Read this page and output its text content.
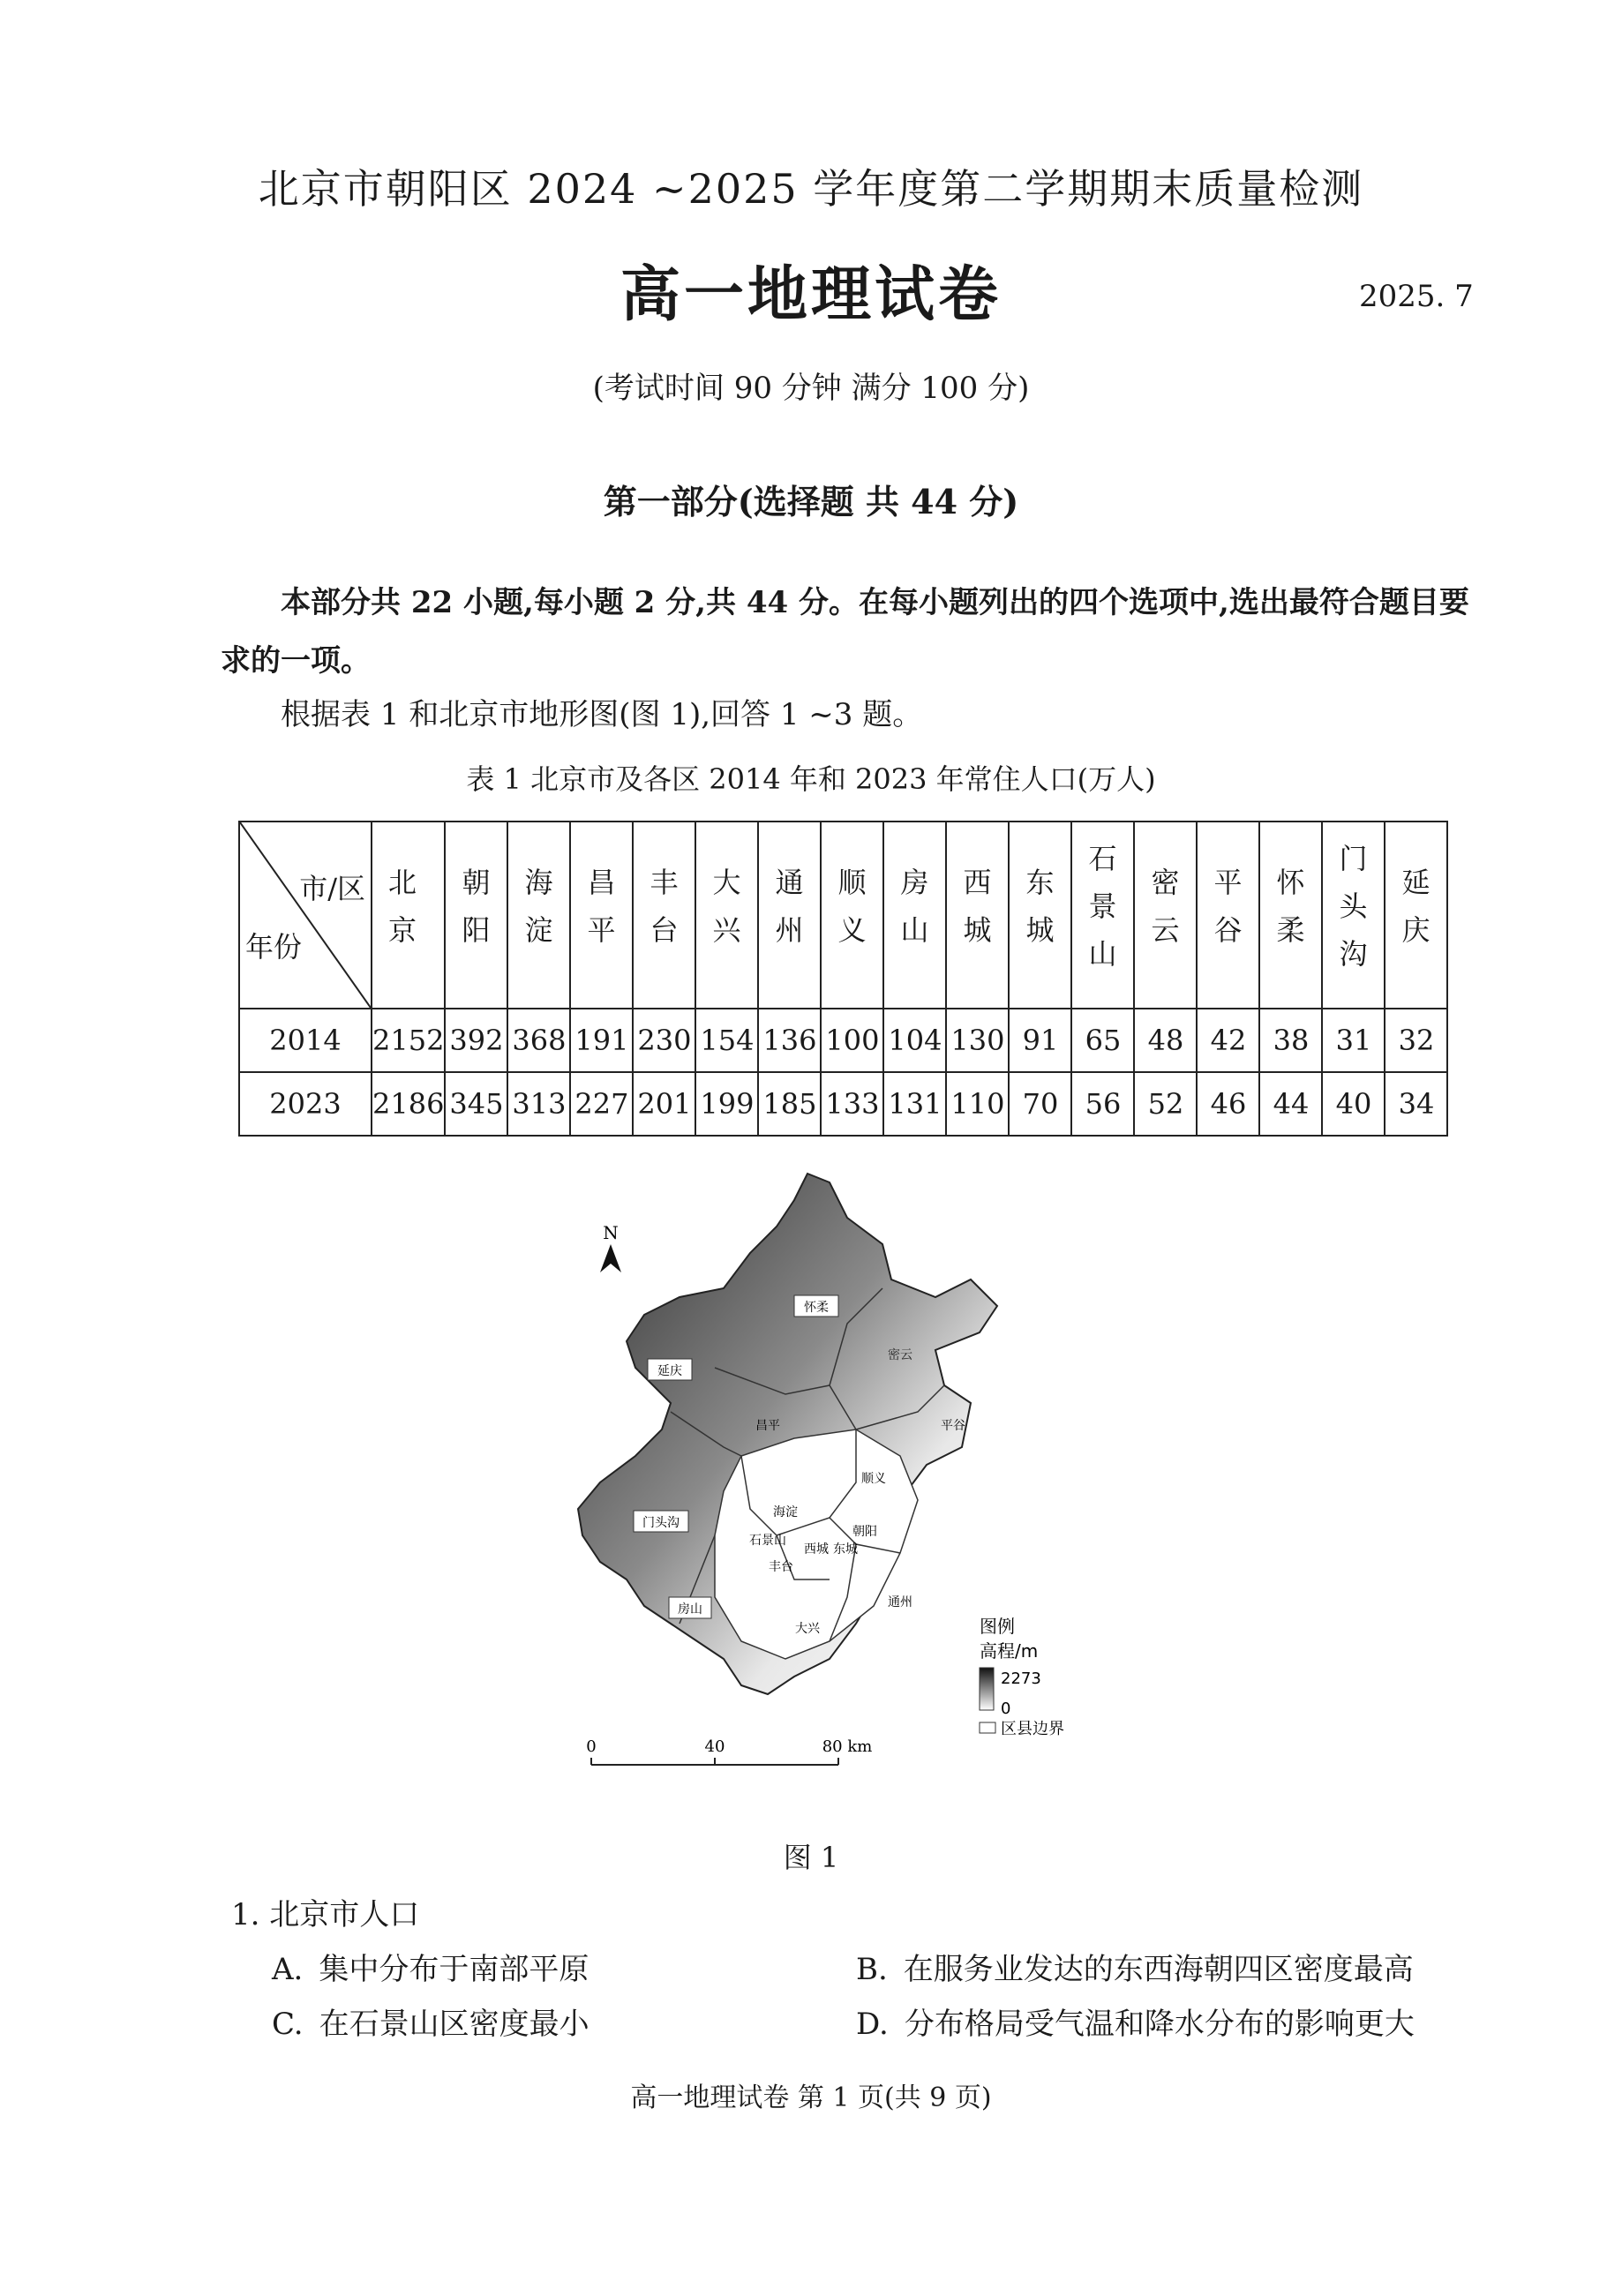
北京市朝阳区 2024 ~2025 学年度第二学期期末质量检测
高一地理试卷	2025. 7
(考试时间 90 分钟 满分 100 分)
第一部分(选择题 共 44 分)
本部分共 22 小题,每小题 2 分,共 44 分。在每小题列出的四个选项中,选出最符合题目要求的一项。
根据表 1 和北京市地形图(图 1),回答 1 ~3 题。
表 1 北京市及各区 2014 年和 2023 年常住人口(万人)
市/区
年份	北京	朝阳	海淀	昌平	丰台	大兴	通州	顺义	房山	西城	东城	石景山	密云	平谷	怀柔	门头沟	延庆

2014	2152	392	368	191	230	154	136	100	104	130	91	65	48	42	38	31	32
2023	2186	345	313	227	201	199	185	133	131	110	70	56	52	46	44	40	34
N
延庆
怀柔
密云
昌平	平谷
顺义
海淀
门头沟
石景山
朝阳
西城 东城
丰台
通州
房山
大兴	图例
高程/m
2273
0
区县边界
0	40	80 km
图 1
1. 北京市人口
A. 集中分布于南部平原	B. 在服务业发达的东西海朝四区密度最高
C. 在石景山区密度最小	D. 分布格局受气温和降水分布的影响更大
高一地理试卷 第 1 页(共 9 页)
